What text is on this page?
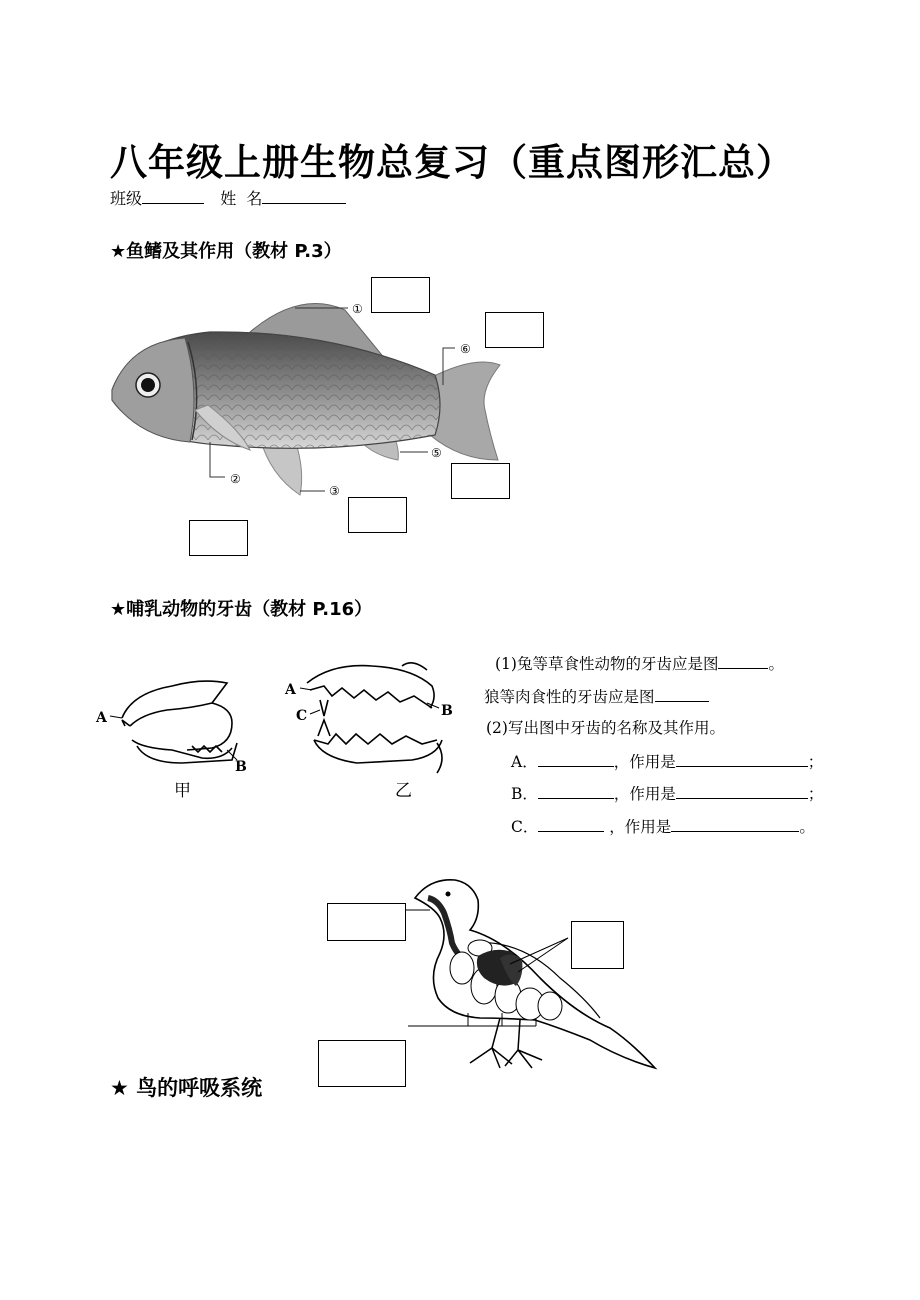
八年级上册生物总复习（重点图形汇总）
班级	姓  名
★鱼鳍及其作用（教材 P.3）
①
②
③
⑤
⑥
★哺乳动物的牙齿（教材 P.16）
A
B
甲
A
C	B
乙
(1)兔等草食性动物的牙齿应是图	。
狼等肉食性的牙齿应是图
(2)写出图中牙齿的名称及其作用。
A．	，作用是	；
B．	，作用是	；
C．	，作用是	。
★ 鸟的呼吸系统
